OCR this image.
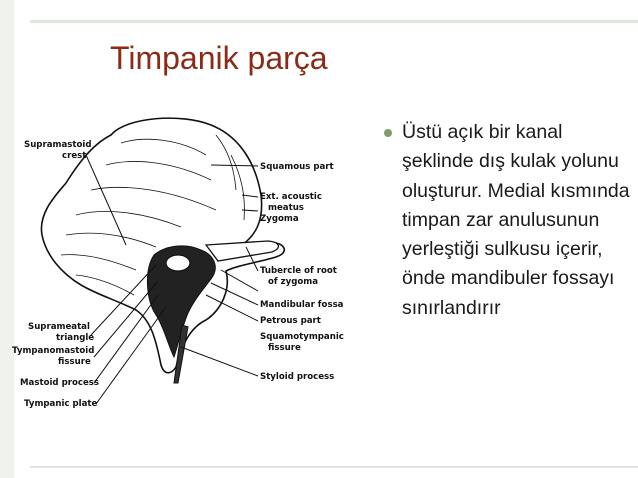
Timpanik parça
Supramastoid
crest
Suprameatal
triangle
Tympanomastoid
fissure
Mastoid process
Tympanic plate
Squamous part
Ext. acoustic
meatus
Zygoma
Tubercle of root
of zygoma
Mandibular fossa
Petrous part
Squamotympanic
fissure
Styloid process
Üstü açık bir kanal şeklinde dış kulak yolunu oluşturur. Medial kısmında timpan zar anulusunun yerleştiği sulkusu içerir, önde mandibuler fossayı sınırlandırır
